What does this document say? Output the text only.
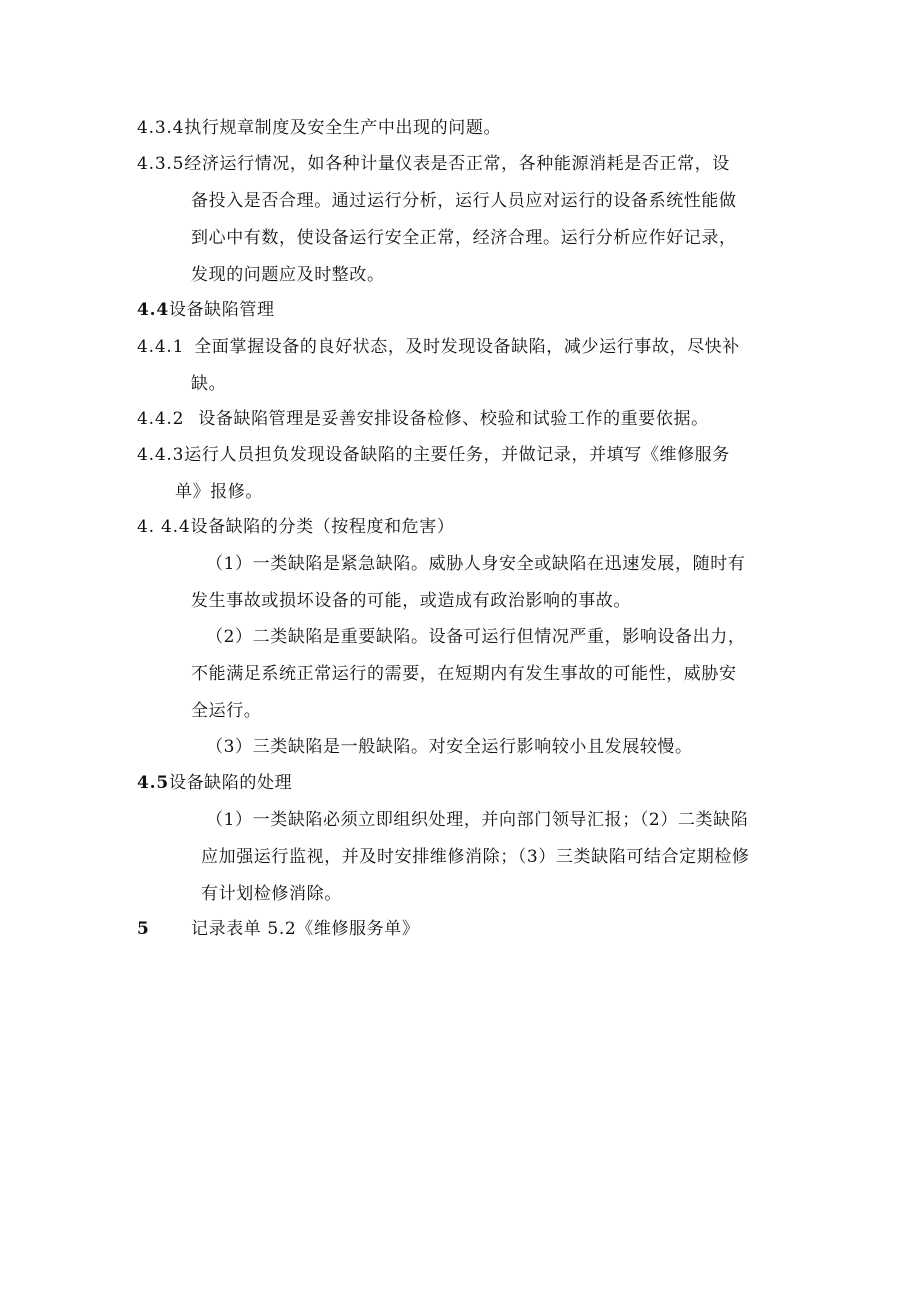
4.3.4执行规章制度及安全生产中出现的问题。
4.3.5经济运行情况，如各种计量仪表是否正常，各种能源消耗是否正常，设
备投入是否合理。通过运行分析，运行人员应对运行的设备系统性能做
到心中有数，使设备运行安全正常，经济合理。运行分析应作好记录，
发现的问题应及时整改。
4.4设备缺陷管理
4.4.1 全面掌握设备的良好状态，及时发现设备缺陷，减少运行事故，尽快补
缺。
4.4.2 设备缺陷管理是妥善安排设备检修、校验和试验工作的重要依据。
4.4.3运行人员担负发现设备缺陷的主要任务，并做记录，并填写《维修服务
单》报修。
4. 4.4设备缺陷的分类（按程度和危害）
（1）一类缺陷是紧急缺陷。威胁人身安全或缺陷在迅速发展，随时有
发生事故或损坏设备的可能，或造成有政治影响的事故。
（2）二类缺陷是重要缺陷。设备可运行但情况严重，影响设备出力，
不能满足系统正常运行的需要，在短期内有发生事故的可能性，威胁安
全运行。
（3）三类缺陷是一般缺陷。对安全运行影响较小且发展较慢。
4.5设备缺陷的处理
（1）一类缺陷必须立即组织处理，并向部门领导汇报；（2）二类缺陷
应加强运行监视，并及时安排维修消除；（3）三类缺陷可结合定期检修
有计划检修消除。
5 记录表单 5.2《维修服务单》
